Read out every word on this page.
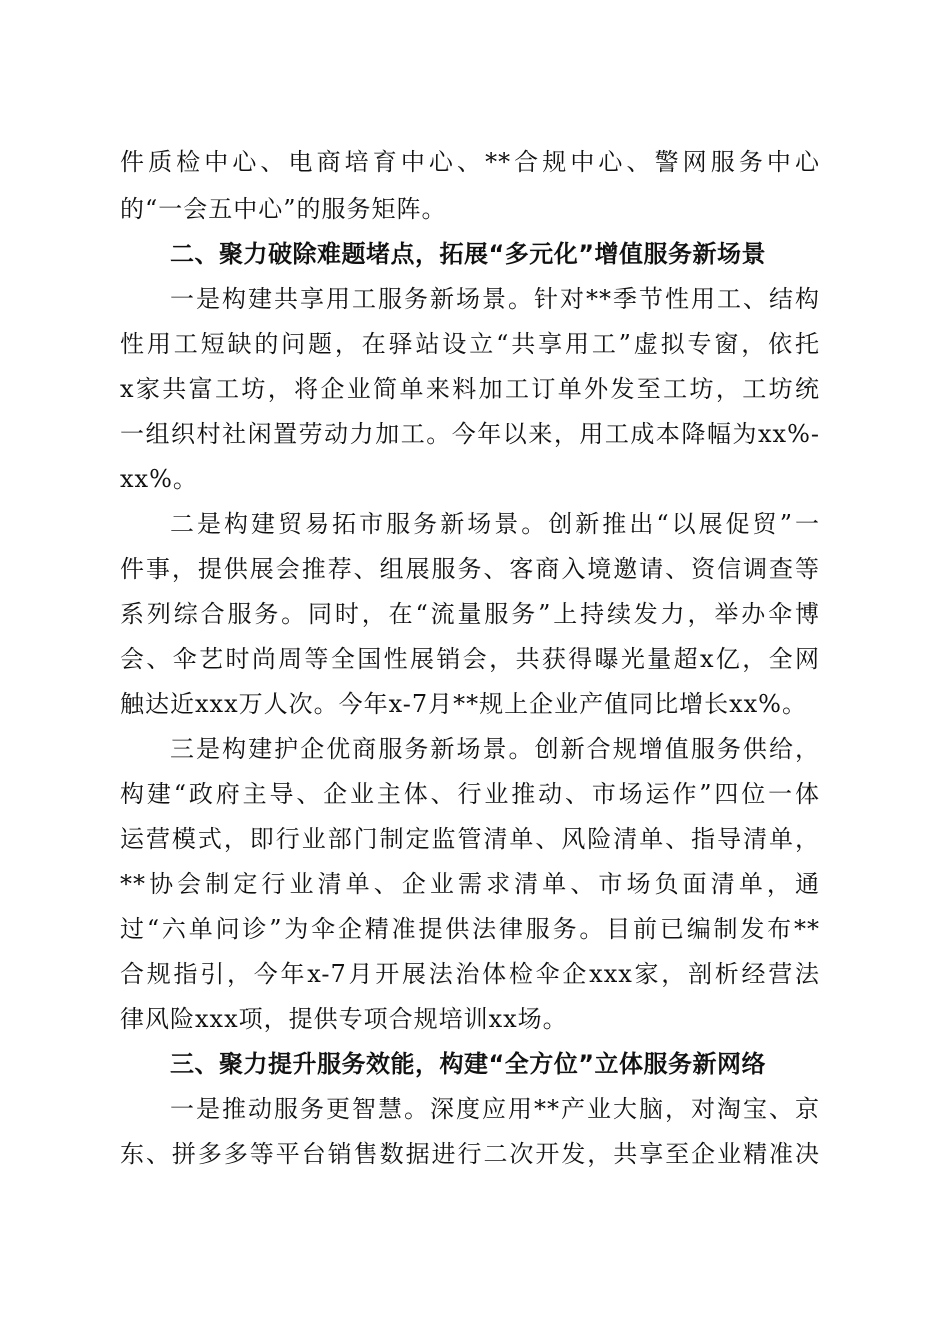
件质检中心、电商培育中心、**合规中心、警网服务中心
的“一会五中心”的服务矩阵。
二、聚力破除难题堵点，拓展“多元化”增值服务新场景
一是构建共享用工服务新场景。针对**季节性用工、结构
性用工短缺的问题，在驿站设立“共享用工”虚拟专窗，依托
x家共富工坊，将企业简单来料加工订单外发至工坊，工坊统
一组织村社闲置劳动力加工。今年以来，用工成本降幅为xx%-
xx%。
二是构建贸易拓市服务新场景。创新推出“以展促贸”一
件事，提供展会推荐、组展服务、客商入境邀请、资信调查等
系列综合服务。同时，在“流量服务”上持续发力，举办伞博
会、伞艺时尚周等全国性展销会，共获得曝光量超x亿，全网
触达近xxx万人次。今年x-7月**规上企业产值同比增长xx%。
三是构建护企优商服务新场景。创新合规增值服务供给，
构建“政府主导、企业主体、行业推动、市场运作”四位一体
运营模式，即行业部门制定监管清单、风险清单、指导清单，
**协会制定行业清单、企业需求清单、市场负面清单，通
过“六单问诊”为伞企精准提供法律服务。目前已编制发布**
合规指引，今年x-7月开展法治体检伞企xxx家，剖析经营法
律风险xxx项，提供专项合规培训xx场。
三、聚力提升服务效能，构建“全方位”立体服务新网络
一是推动服务更智慧。深度应用**产业大脑，对淘宝、京
东、拼多多等平台销售数据进行二次开发，共享至企业精准决
